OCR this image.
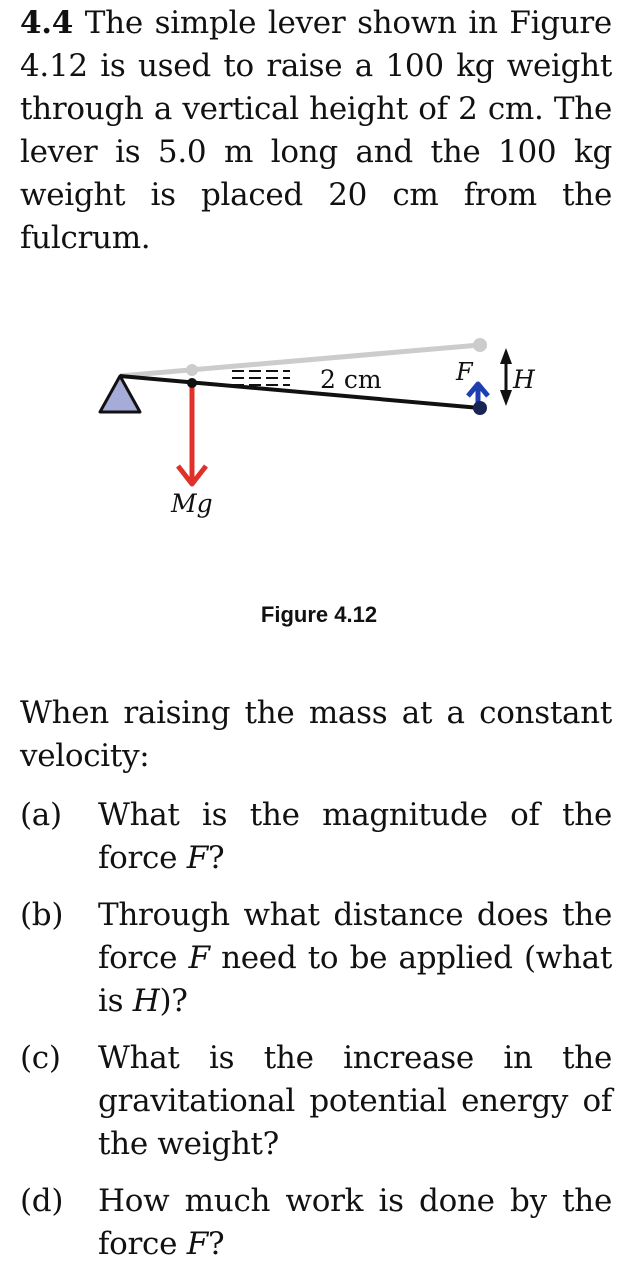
4.4 The simple lever shown in Figure 4.12 is used to raise a 100 kg weight through a vertical height of 2 cm. The lever is 5.0 m long and the 100 kg weight is placed 20 cm from the fulcrum.
2 cm	F H
Mg
Figure 4.12
When raising the mass at a constant velocity:
(a) What is the magnitude of the force F?
(b) Through what distance does the force F need to be applied (what is H)?
(c) What is the increase in the gravitational potential energy of the weight?
(d) How much work is done by the force F?
